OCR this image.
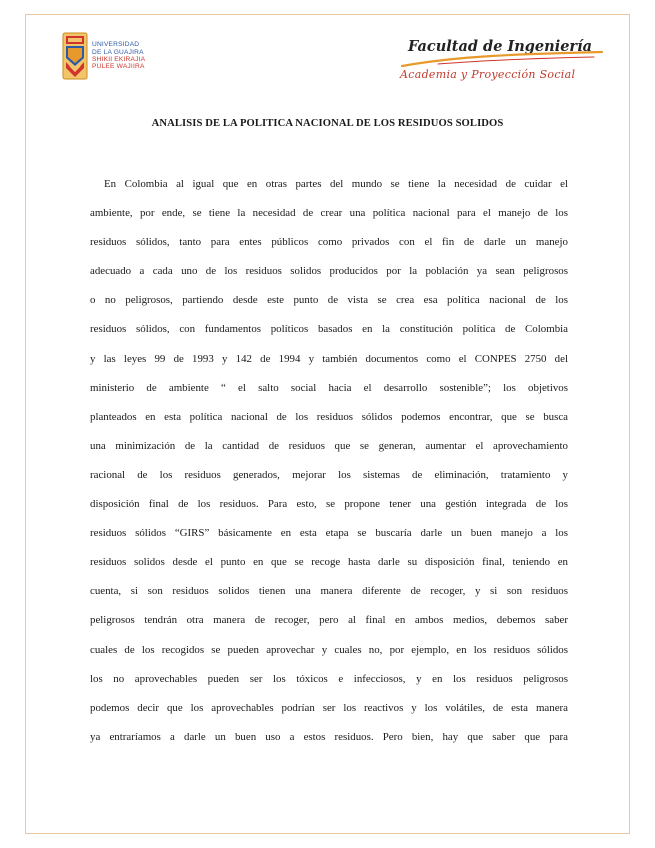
UNIVERSIDAD
DE LA GUAJIRA
SHIKII EKIRAJIA
PULEE WAJIIRA
Facultad de Ingeniería
Academia y Proyección Social
ANALISIS DE LA POLITICA NACIONAL DE LOS RESIDUOS SOLIDOS
En Colombia al igual que en otras partes del mundo se tiene la necesidad de cuidar el
ambiente, por ende, se tiene la necesidad de crear una política nacional para el manejo de los
residuos sólidos, tanto para entes públicos como privados con el fin de darle un manejo
adecuado a cada uno de los residuos solidos producidos por la población ya sean peligrosos
o no peligrosos, partiendo desde este punto de vista se crea esa política nacional de los
residuos sólidos, con fundamentos políticos basados en la constitución política de Colombia
y las leyes 99 de 1993 y 142 de 1994 y también documentos como el CONPES 2750 del
ministerio de ambiente “ el salto social hacia el desarrollo sostenible”; los objetivos
planteados en esta política nacional de los residuos sólidos podemos encontrar, que se busca
una minimización de la cantidad de residuos que se generan, aumentar el aprovechamiento
racional de los residuos generados, mejorar los sistemas de eliminación, tratamiento y
disposición final de los residuos. Para esto, se propone tener una gestión integrada de los
residuos sólidos “GIRS” básicamente en esta etapa se buscaría darle un buen manejo a los
residuos solidos desde el punto en que se recoge hasta darle su disposición final, teniendo en
cuenta, si son residuos solidos tienen una manera diferente de recoger, y si son residuos
peligrosos tendrán otra manera de recoger, pero al final en ambos medios, debemos saber
cuales de los recogidos se pueden aprovechar y cuales no, por ejemplo, en los residuos sólidos
los no aprovechables pueden ser los tóxicos e infecciosos, y en los residuos peligrosos
podemos decir que los aprovechables podrían ser los reactivos y los volátiles, de esta manera
ya entraríamos a darle un buen uso a estos residuos. Pero bien, hay que saber que para
